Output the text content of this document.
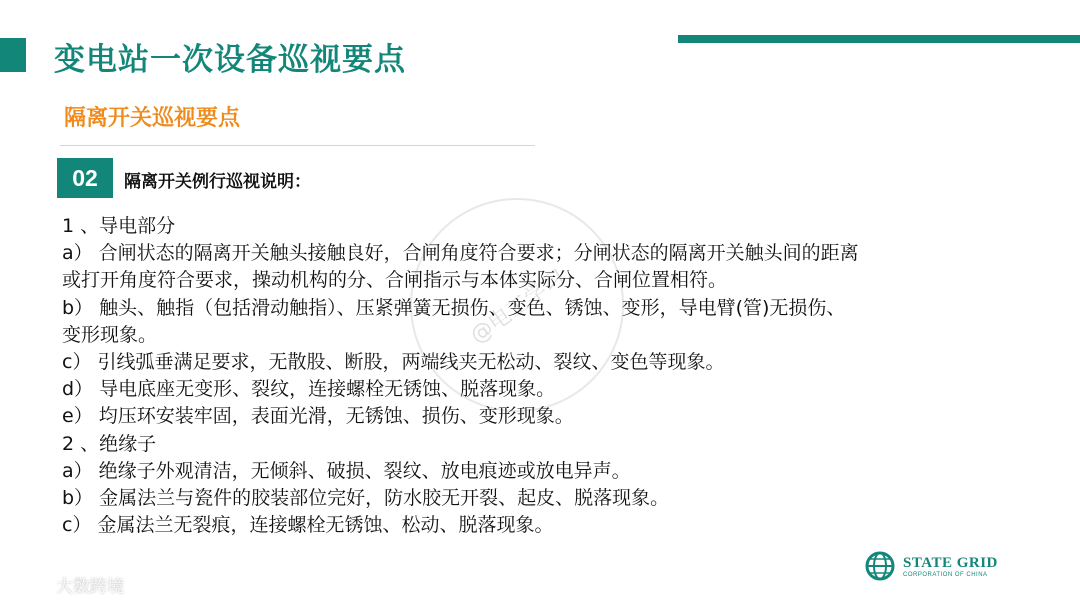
变电站一次设备巡视要点
隔离开关巡视要点
02	隔离开关例行巡视说明：
@电工学习
1 、导电部分
a） 合闸状态的隔离开关触头接触良好，合闸角度符合要求；分闸状态的隔离开关触头间的距离
或打开角度符合要求，操动机构的分、合闸指示与本体实际分、合闸位置相符。
b） 触头、触指（包括滑动触指）、压紧弹簧无损伤、变色、锈蚀、变形，导电臂(管)无损伤、
变形现象。
c） 引线弧垂满足要求，无散股、断股，两端线夹无松动、裂纹、变色等现象。
d） 导电底座无变形、裂纹，连接螺栓无锈蚀、脱落现象。
e） 均压环安装牢固，表面光滑，无锈蚀、损伤、变形现象。
2 、绝缘子
a） 绝缘子外观清洁，无倾斜、破损、裂纹、放电痕迹或放电异声。
b） 金属法兰与瓷件的胶装部位完好，防水胶无开裂、起皮、脱落现象。
c） 金属法兰无裂痕，连接螺栓无锈蚀、松动、脱落现象。
STATE GRID
CORPORATION OF CHINA
大数跨境
